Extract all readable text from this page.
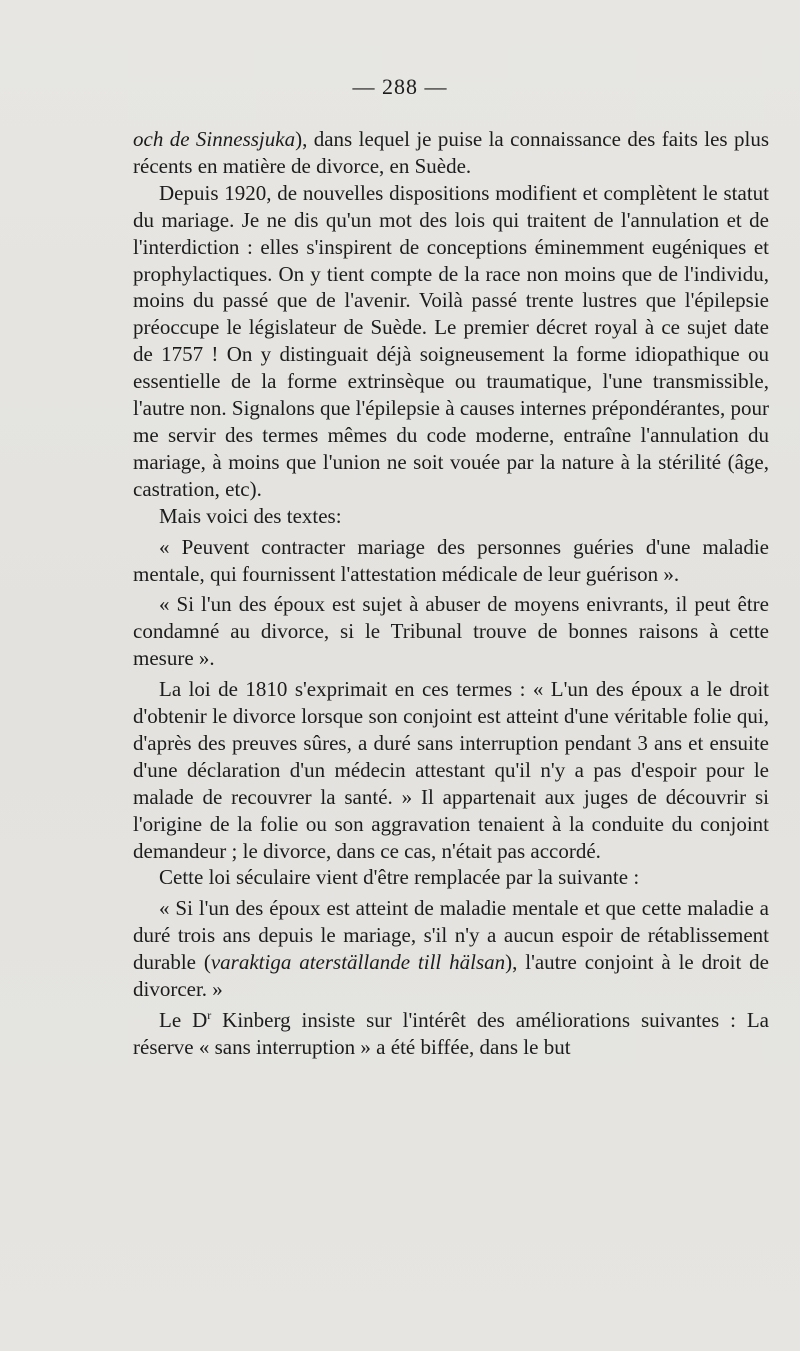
— 288 —

och de Sinnessjuka), dans lequel je puise la connaissance des faits les plus récents en matière de divorce, en Suède.

Depuis 1920, de nouvelles dispositions modifient et complètent le statut du mariage. Je ne dis qu'un mot des lois qui traitent de l'annulation et de l'interdiction : elles s'inspirent de conceptions éminemment eugéniques et prophylactiques. On y tient compte de la race non moins que de l'individu, moins du passé que de l'avenir. Voilà passé trente lustres que l'épilepsie préoccupe le législateur de Suède. Le premier décret royal à ce sujet date de 1757 ! On y distinguait déjà soigneusement la forme idiopathique ou essentielle de la forme extrinsèque ou traumatique, l'une transmissible, l'autre non. Signalons que l'épilepsie à causes internes prépondérantes, pour me servir des termes mêmes du code moderne, entraîne l'annulation du mariage, à moins que l'union ne soit vouée par la nature à la stérilité (âge, castration, etc).

Mais voici des textes:

« Peuvent contracter mariage des personnes guéries d'une maladie mentale, qui fournissent l'attestation médicale de leur guérison ».

« Si l'un des époux est sujet à abuser de moyens enivrants, il peut être condamné au divorce, si le Tribunal trouve de bonnes raisons à cette mesure ».

La loi de 1810 s'exprimait en ces termes : « L'un des époux a le droit d'obtenir le divorce lorsque son conjoint est atteint d'une véritable folie qui, d'après des preuves sûres, a duré sans interruption pendant 3 ans et ensuite d'une déclaration d'un médecin attestant qu'il n'y a pas d'espoir pour le malade de recouvrer la santé. » Il appartenait aux juges de découvrir si l'origine de la folie ou son aggravation tenaient à la conduite du conjoint demandeur ; le divorce, dans ce cas, n'était pas accordé.

Cette loi séculaire vient d'être remplacée par la suivante :

« Si l'un des époux est atteint de maladie mentale et que cette maladie a duré trois ans depuis le mariage, s'il n'y a aucun espoir de rétablissement durable (varaktiga aterställande till hälsan), l'autre conjoint à le droit de divorcer. »

Le $D^r$ Kinberg insiste sur l'intérêt des améliorations suivantes : La réserve « sans interruption » a été biffée, dans le but
